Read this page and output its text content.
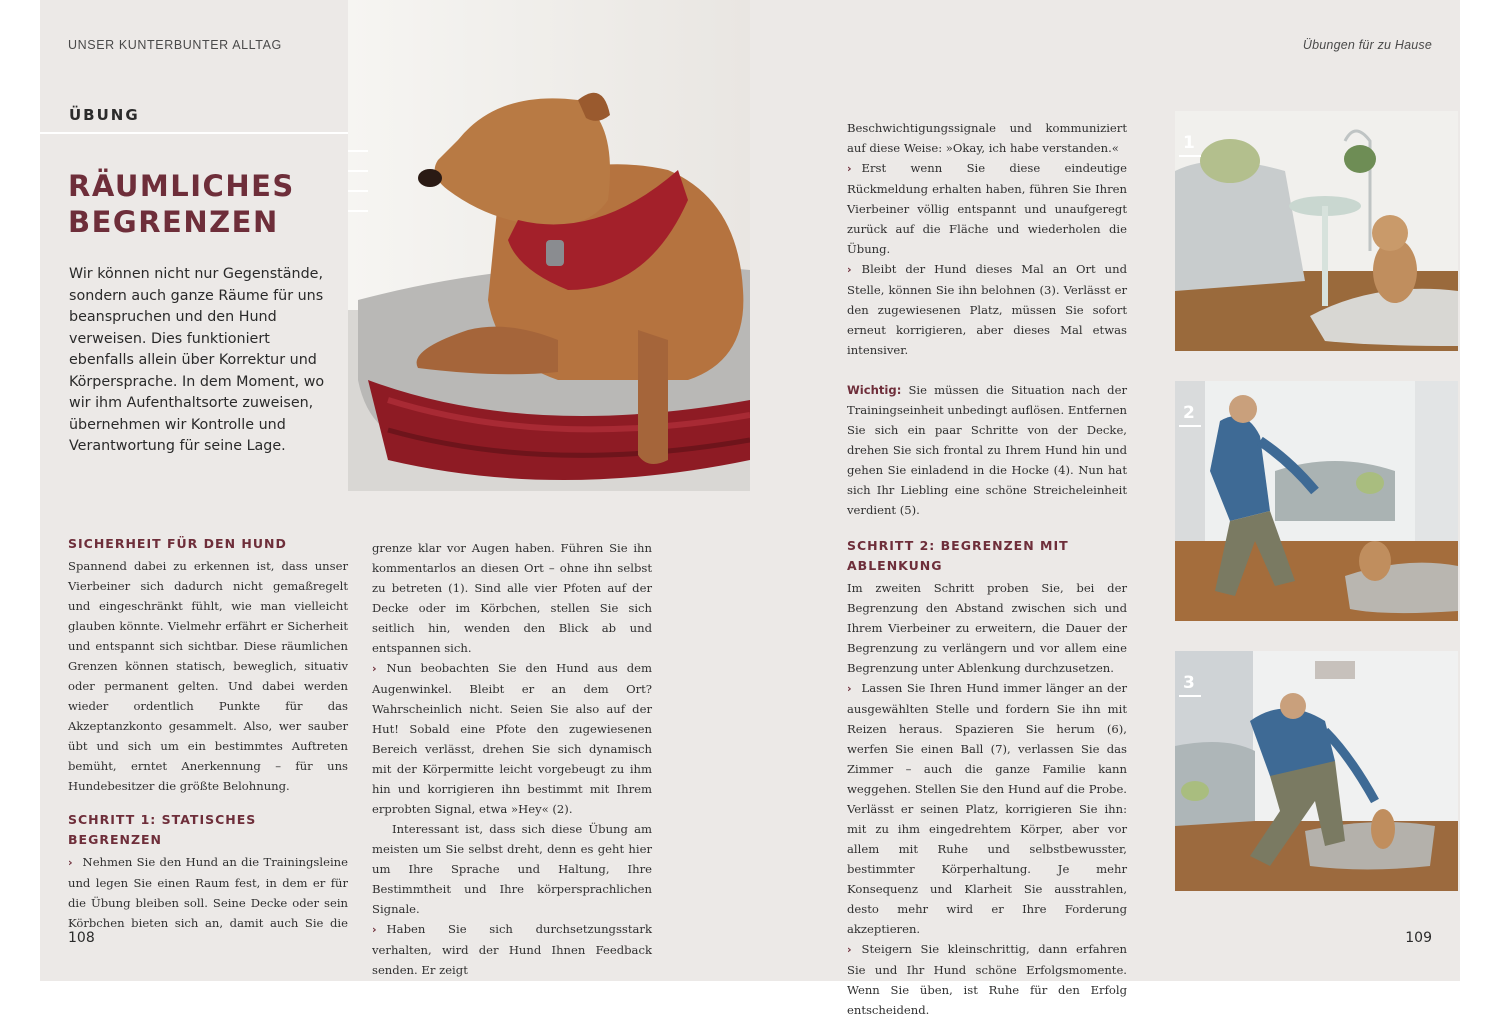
UNSER KUNTERBUNTER ALLTAG	Übungen für zu Hause
ÜBUNG
RÄUMLICHES
BEGRENZEN
Wir können nicht nur Gegenstände, sondern auch ganze Räume für uns beanspruchen und den Hund verweisen. Dies funktioniert ebenfalls allein über Korrektur und Körpersprache. In dem Moment, wo wir ihm Aufenthaltsorte zuweisen, übernehmen wir Kontrolle und Verantwortung für seine Lage.
SICHERHEIT FÜR DEN HUND

Spannend dabei zu erkennen ist, dass unser Vierbeiner sich dadurch nicht gemaßregelt und eingeschränkt fühlt, wie man vielleicht glauben könnte. Vielmehr erfährt er Sicherheit und entspannt sich sichtbar. Diese räumlichen Grenzen können statisch, beweglich, situativ oder permanent gelten. Und dabei werden wieder ordentlich Punkte für das Akzeptanzkonto gesammelt. Also, wer sauber übt und sich um ein bestimmtes Auftreten bemüht, erntet Anerkennung – für uns Hundebesitzer die größte Belohnung.

SCHRITT 1: STATISCHES BEGRENZEN

› Nehmen Sie den Hund an die Trainingsleine und legen Sie einen Raum fest, in dem er für die Übung bleiben soll. Seine Decke oder sein Körbchen bieten sich an, damit auch Sie die

grenze klar vor Augen haben. Führen Sie ihn kommentarlos an diesen Ort – ohne ihn selbst zu betreten (1). Sind alle vier Pfoten auf der Decke oder im Körbchen, stellen Sie sich seitlich hin, wenden den Blick ab und entspannen sich.

› Nun beobachten Sie den Hund aus dem Augenwinkel. Bleibt er an dem Ort? Wahrscheinlich nicht. Seien Sie also auf der Hut! Sobald eine Pfote den zugewiesenen Bereich verlässt, drehen Sie sich dynamisch mit der Körpermitte leicht vorgebeugt zu ihm hin und korrigieren ihn bestimmt mit Ihrem erprobten Signal, etwa »Hey« (2).

Interessant ist, dass sich diese Übung am meisten um Sie selbst dreht, denn es geht hier um Ihre Sprache und Haltung, Ihre Bestimmtheit und Ihre körpersprachlichen Signale.

› Haben Sie sich durchsetzungsstark verhalten, wird der Hund Ihnen Feedback senden. Er zeigt

108

Beschwichtigungssignale und kommuniziert auf diese Weise: »Okay, ich habe verstanden.«

› Erst wenn Sie diese eindeutige Rückmeldung erhalten haben, führen Sie Ihren Vierbeiner völlig entspannt und unaufgeregt zurück auf die Fläche und wiederholen die Übung.

› Bleibt der Hund dieses Mal an Ort und Stelle, können Sie ihn belohnen (3). Verlässt er den zugewiesenen Platz, müssen Sie sofort erneut korrigieren, aber dieses Mal etwas intensiver.

Wichtig: Sie müssen die Situation nach der Trainingseinheit unbedingt auflösen. Entfernen Sie sich ein paar Schritte von der Decke, drehen Sie sich frontal zu Ihrem Hund hin und gehen Sie einladend in die Hocke (4). Nun hat sich Ihr Liebling eine schöne Streicheleinheit verdient (5).

SCHRITT 2: BEGRENZEN MIT
ABLENKUNG

Im zweiten Schritt proben Sie, bei der Begrenzung den Abstand zwischen sich und Ihrem Vierbeiner zu erweitern, die Dauer der Begrenzung zu verlängern und vor allem eine Begrenzung unter Ablenkung durchzusetzen.

› Lassen Sie Ihren Hund immer länger an der ausgewählten Stelle und fordern Sie ihn mit Reizen heraus. Spazieren Sie herum (6), werfen Sie einen Ball (7), verlassen Sie das Zimmer – auch die ganze Familie kann weggehen. Stellen Sie den Hund auf die Probe. Verlässt er seinen Platz, korrigieren Sie ihn: mit zu ihm eingedrehtem Körper, aber vor allem mit Ruhe und selbstbewusster, bestimmter Körperhaltung. Je mehr Konsequenz und Klarheit Sie ausstrahlen, desto mehr wird er Ihre Forderung akzeptieren.

› Steigern Sie kleinschrittig, dann erfahren Sie und Ihr Hund schöne Erfolgsmomente. Wenn Sie üben, ist Ruhe für den Erfolg entscheidend.

1
2
3
109
